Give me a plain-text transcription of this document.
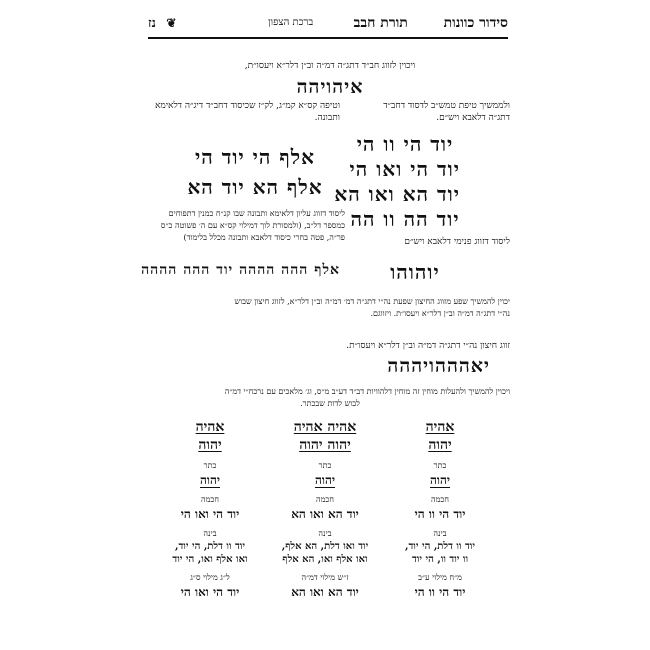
נז ❦	ברכת הצפון	סידור כוונות  תורת חבב
ויכוין לזווג חב״ד דתג״ה דמ״ה וב״ן דלר״א ויעסו״ת,
איהויהה
ולממשיך טיפת טמש״ב לדסוד דחב״ד
דתג״ה דלאבא ויש״ם.
יוד הי וו הי
יוד הי ואו הי
יוד הא ואו הא
יוד הה וו הה
ליסוד דזווג פנימי דלאבא ויש״ם
יוהוהו
וטיפה קס״א קמ״ג, לק״ז שכיסוד דחב״ד דיג״ה דלאימא
ותבונה.
אלף הי יוד הי
אלף הא יוד הא
ליסוד דזווג עליון דלאימא ותבונה שבו קנ״ח כמנין דתפוחים
כמספר דל״ב, (ולמסורת לוך דמילוי קס״א עם ה׳ פשוטה כ״ס
פר״ה, פטה בחרי כיסוד דלאבא ותבונה מכלל בלימוד)
אלף ההה הההה יוד ההה הההה
יכוין להמשיך שפע מזווג החיצון שפעת נה״י דתג״ה דמ׳ דמ״ה וב״ן דלר״א, לזווג חיצון שבוש
נה״י דתג״ה דמ״ה וב״ן דלר״א ויעסו״ת. ויזווגם.
זווג חיצון נה״י דתג״ה דמ״ה וב״ן דלר״א ויעסו״ת.
יאהההויההה
ויכוין להמשיך ולהעלות מוחין זה מוחין דלהוויות דב״ד דע״ב מ״ס, וג׳ מלאכים עם נרכח״י דמ״ה
לבוש לדות שבכתר.
אהיה
יהוה
כתר
יהוה
חכמה
יוד הי ואו הי
בינה
יוד וו דלת, הי יוד,
ואו אלף ואו, הי יוד
ל״ג מילוי ס״ג
יוד הי ואו הי
אהיה אהיה
יהוה יהוה
כתר
יהוה
חכמה
יוד הא ואו הא
בינה
יוד ואו דלת, הא אלף,
ואו אלף ואו, הא אלף
ז״ש מילוי דמ״ה
יוד הא ואו הא
אהיה
יהוה
כתר
יהוה
חכמה
יוד הי וו הי
בינה
יוד וו דלת, הי יוד,
וו יוד וו, הי יוד
מ״ח מילוי ע״ב
יוד הי וו הי
